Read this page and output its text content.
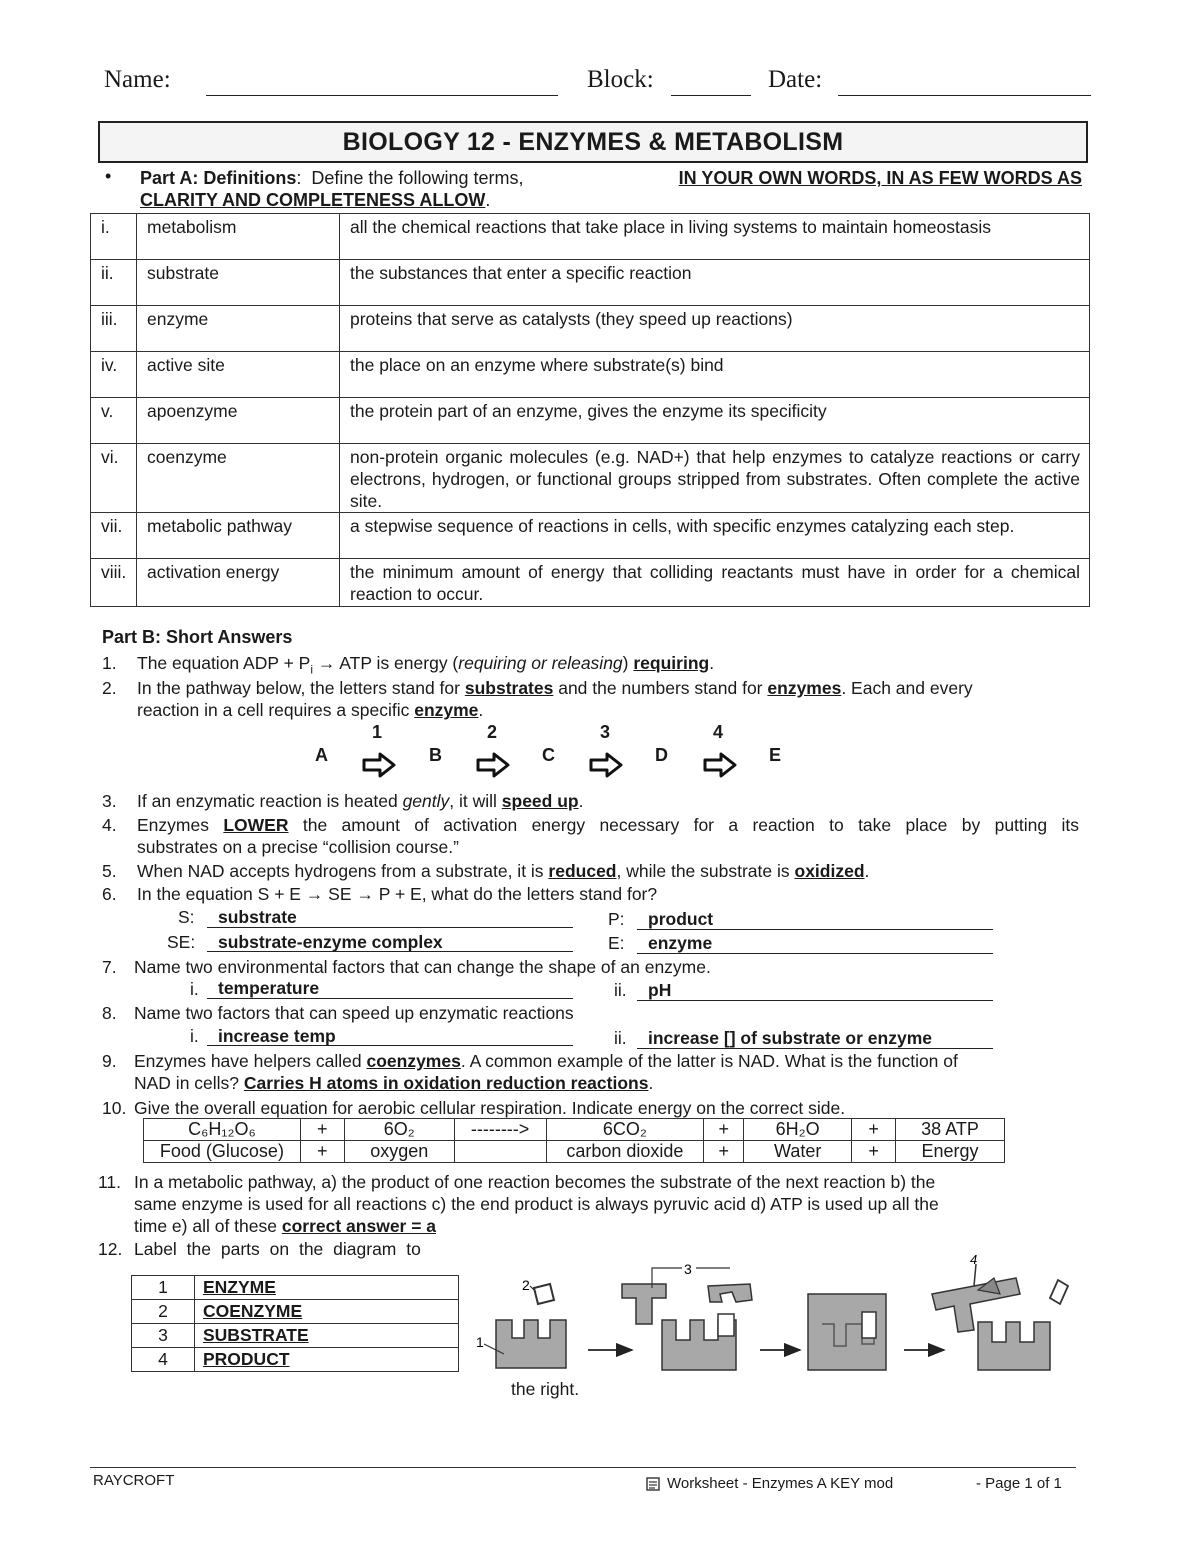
Name:	Block:	Date:
BIOLOGY 12 - ENZYMES & METABOLISM
• Part A: Definitions: Define the following terms,	IN YOUR OWN WORDS, IN AS FEW WORDS AS
CLARITY AND COMPLETENESS ALLOW.
i.	metabolism	all the chemical reactions that take place in living systems to maintain homeostasis
ii.	substrate	the substances that enter a specific reaction
iii.	enzyme	proteins that serve as catalysts (they speed up reactions)
iv.	active site	the place on an enzyme where substrate(s) bind
v.	apoenzyme	the protein part of an enzyme, gives the enzyme its specificity
vi.	coenzyme	non-protein organic molecules (e.g. NAD+) that help enzymes to catalyze reactions or carry electrons, hydrogen, or functional groups stripped from substrates. Often complete the active site.
vii.	metabolic pathway	a stepwise sequence of reactions in cells, with specific enzymes catalyzing each step.
viii.	activation energy	the minimum amount of energy that colliding reactants must have in order for a chemical reaction to occur.
Part B: Short Answers
1. The equation ADP + $P_i$ → ATP is energy (requiring or releasing) requiring.
2. In the pathway below, the letters stand for substrates and the numbers stand for enzymes. Each and every
reaction in a cell requires a specific enzyme.
1	2	3	4
A	B	C	D	E
3. If an enzymatic reaction is heated gently, it will speed up.
4. Enzymes LOWER the amount of activation energy necessary for a reaction to take place by putting its
substrates on a precise “collision course.”
5. When NAD accepts hydrogens from a substrate, it is reduced, while the substrate is oxidized.
6. In the equation S + E → SE → P + E, what do the letters stand for?
S: substrate	P: product
SE: substrate-enzyme complex	E: enzyme
7. Name two environmental factors that can change the shape of an enzyme.
i. temperature	ii. pH
8. Name two factors that can speed up enzymatic reactions
i. increase temp	ii. increase [] of substrate or enzyme
9. Enzymes have helpers called coenzymes. A common example of the latter is NAD. What is the function of
NAD in cells? Carries H atoms in oxidation reduction reactions.
10. Give the overall equation for aerobic cellular respiration. Indicate energy on the correct side.
C₆H₁₂O₆	+	6O₂	-------->	6CO₂	+	6H₂O	+	38 ATP
Food (Glucose)	+	oxygen		carbon dioxide	+	Water	+	Energy
11. In a metabolic pathway, a) the product of one reaction becomes the substrate of the next reaction b) the
same enzyme is used for all reactions c) the end product is always pyruvic acid d) ATP is used up all the
time e) all of these correct answer = a
12. Label the parts on the diagram to
the right.
1	ENZYME
2	COENZYME
3	SUBSTRATE
4	PRODUCT
2
1
3
4
RAYCROFT	Worksheet - Enzymes A KEY mod	- Page 1 of 1
